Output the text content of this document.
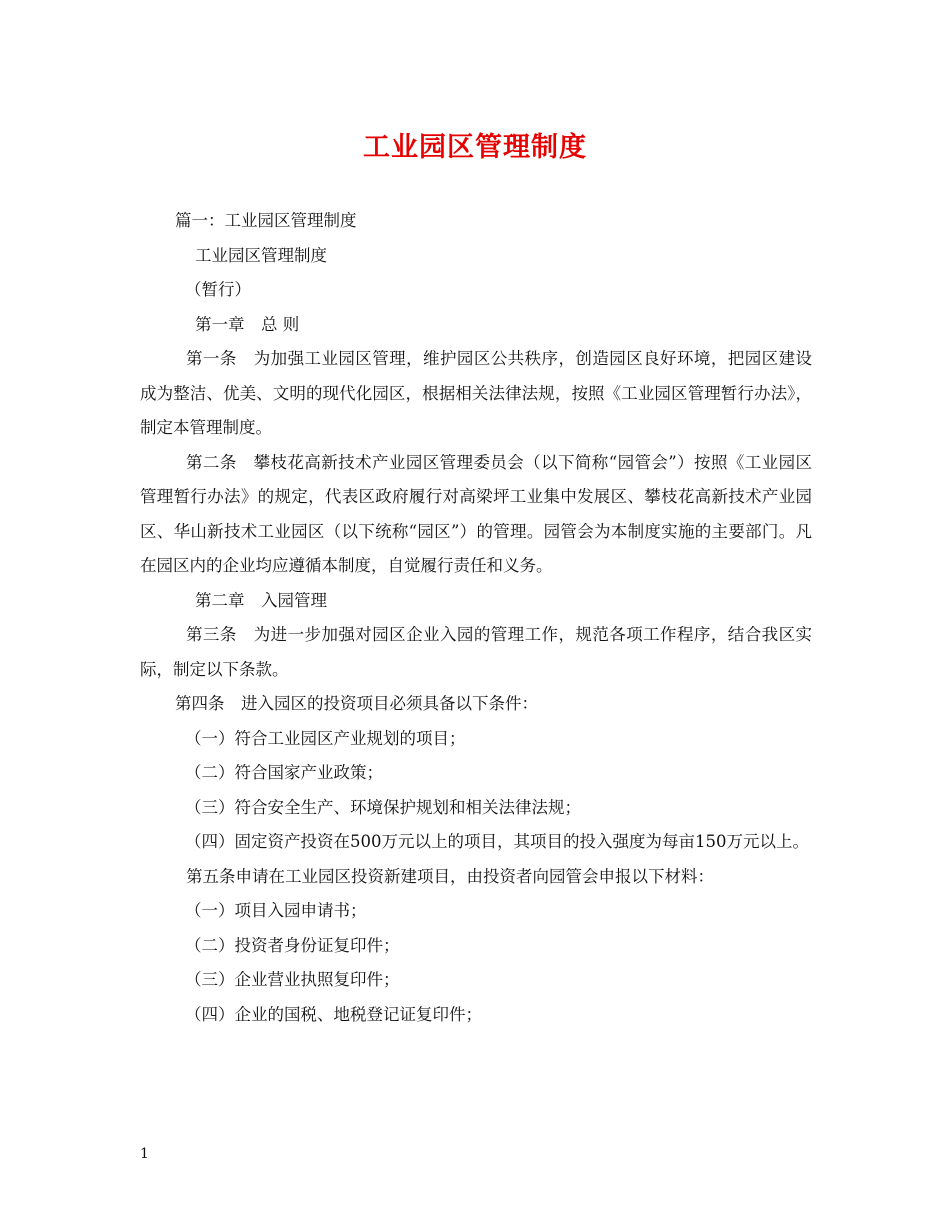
工业园区管理制度

篇一：工业园区管理制度

工业园区管理制度

（暂行）

第一章　总 则

第一条　为加强工业园区管理，维护园区公共秩序，创造园区良好环境，把园区建设成为整洁、优美、文明的现代化园区，根据相关法律法规，按照《工业园区管理暂行办法》，制定本管理制度。

第二条　攀枝花高新技术产业园区管理委员会（以下简称“园管会”）按照《工业园区管理暂行办法》的规定，代表区政府履行对高梁坪工业集中发展区、攀枝花高新技术产业园区、华山新技术工业园区（以下统称“园区”）的管理。园管会为本制度实施的主要部门。凡在园区内的企业均应遵循本制度，自觉履行责任和义务。

第二章　入园管理

第三条　为进一步加强对园区企业入园的管理工作，规范各项工作程序，结合我区实际，制定以下条款。

第四条　进入园区的投资项目必须具备以下条件：

（一）符合工业园区产业规划的项目；

（二）符合国家产业政策；

（三）符合安全生产、环境保护规划和相关法律法规；

（四）固定资产投资在500万元以上的项目，其项目的投入强度为每亩150万元以上。

第五条申请在工业园区投资新建项目，由投资者向园管会申报以下材料：

（一）项目入园申请书；

（二）投资者身份证复印件；

（三）企业营业执照复印件；

（四）企业的国税、地税登记证复印件；

1
